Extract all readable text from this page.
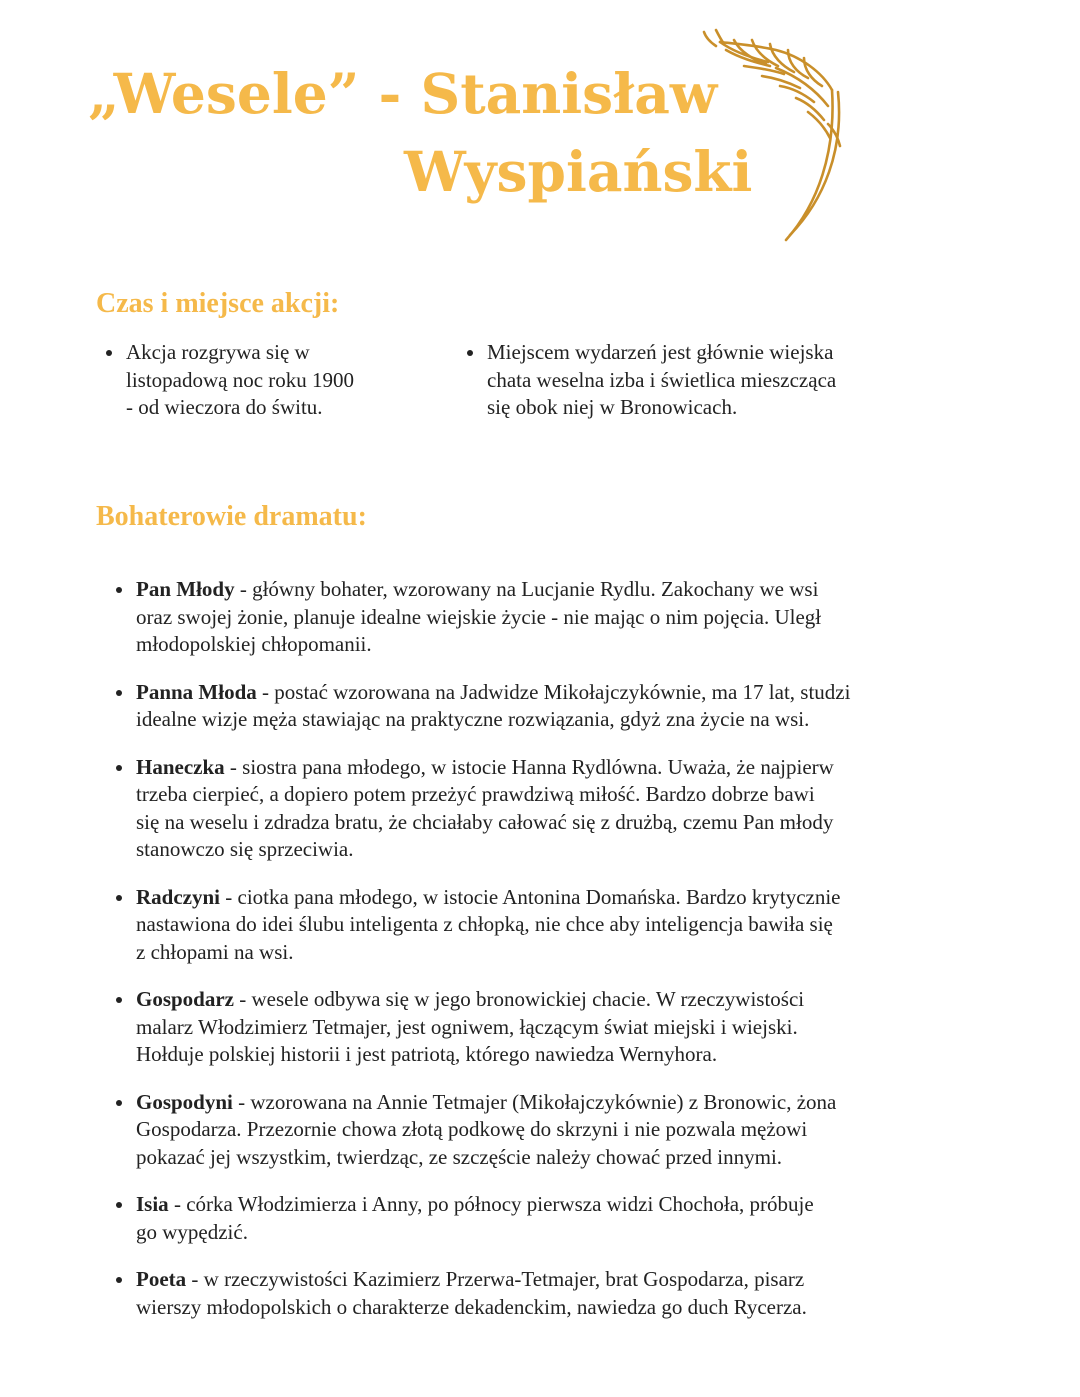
„Wesele” - Stanisław
Wyspiański
Czas i miejsce akcji:
Akcja rozgrywa się w
listopadową noc roku 1900
- od wieczora do świtu.
Miejscem wydarzeń jest głównie wiejska
chata weselna izba i świetlica mieszcząca
się obok niej w Bronowicach.
Bohaterowie dramatu:
Pan Młody - główny bohater, wzorowany na Lucjanie Rydlu. Zakochany we wsi
oraz swojej żonie, planuje idealne wiejskie życie - nie mając o nim pojęcia. Uległ
młodopolskiej chłopomanii.
Panna Młoda - postać wzorowana na Jadwidze Mikołajczykównie, ma 17 lat, studzi
idealne wizje męża stawiając na praktyczne rozwiązania, gdyż zna życie na wsi.
Haneczka - siostra pana młodego, w istocie Hanna Rydlówna. Uważa, że najpierw
trzeba cierpieć, a dopiero potem przeżyć prawdziwą miłość. Bardzo dobrze bawi
się na weselu i zdradza bratu, że chciałaby całować się z drużbą, czemu Pan młody
stanowczo się sprzeciwia.
Radczyni - ciotka pana młodego, w istocie Antonina Domańska. Bardzo krytycznie
nastawiona do idei ślubu inteligenta z chłopką, nie chce aby inteligencja bawiła się
z chłopami na wsi.
Gospodarz - wesele odbywa się w jego bronowickiej chacie. W rzeczywistości
malarz Włodzimierz Tetmajer, jest ogniwem, łączącym świat miejski i wiejski.
Hołduje polskiej historii i jest patriotą, którego nawiedza Wernyhora.
Gospodyni - wzorowana na Annie Tetmajer (Mikołajczykównie) z Bronowic, żona
Gospodarza. Przezornie chowa złotą podkowę do skrzyni i nie pozwala mężowi
pokazać jej wszystkim, twierdząc, ze szczęście należy chować przed innymi.
Isia - córka Włodzimierza i Anny, po północy pierwsza widzi Chochoła, próbuje
go wypędzić.
Poeta - w rzeczywistości Kazimierz Przerwa-Tetmajer, brat Gospodarza, pisarz
wierszy młodopolskich o charakterze dekadenckim, nawiedza go duch Rycerza.
